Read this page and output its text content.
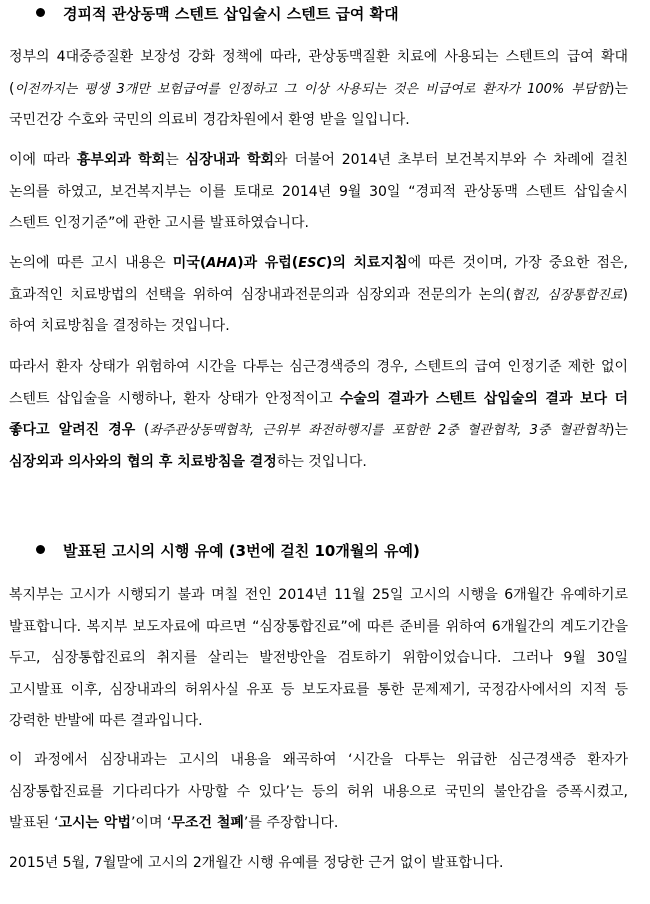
경피적 관상동맥 스텐트 삽입술시 스텐트 급여 확대
정부의 4대중증질환 보장성 강화 정책에 따라, 관상동맥질환 치료에 사용되는 스텐트의 급여 확대 (이전까지는 평생 3개만 보험급여를 인정하고 그 이상 사용되는 것은 비급여로 환자가 100% 부담함)는 국민건강 수호와 국민의 의료비 경감차원에서 환영 받을 일입니다.
이에 따라 흉부외과 학회는 심장내과 학회와 더불어 2014년 초부터 보건복지부와 수 차례에 걸친 논의를 하였고, 보건복지부는 이를 토대로 2014년 9월 30일 “경피적 관상동맥 스텐트 삽입술시 스텐트 인정기준”에 관한 고시를 발표하였습니다.
논의에 따른 고시 내용은 미국(AHA)과 유럽(ESC)의 치료지침에 따른 것이며, 가장 중요한 점은, 효과적인 치료방법의 선택을 위하여 심장내과전문의과 심장외과 전문의가 논의(협진, 심장통합진료)하여 치료방침을 결정하는 것입니다.
따라서 환자 상태가 위험하여 시간을 다투는 심근경색증의 경우, 스텐트의 급여 인정기준 제한 없이 스텐트 삽입술을 시행하나, 환자 상태가 안정적이고 수술의 결과가 스텐트 삽입술의 결과 보다 더 좋다고 알려진 경우 (좌주관상동맥협착, 근위부 좌전하행지를 포함한 2중 혈관협착, 3중 혈관협착)는 심장외과 의사와의 협의 후 치료방침을 결정하는 것입니다.
발표된 고시의 시행 유예 (3번에 걸친 10개월의 유예)
복지부는 고시가 시행되기 불과 며칠 전인 2014년 11월 25일 고시의 시행을 6개월간 유예하기로 발표합니다. 복지부 보도자료에 따르면 “심장통합진료”에 따른 준비를 위하여 6개월간의 계도기간을 두고, 심장통합진료의 취지를 살리는 발전방안을 검토하기 위함이었습니다. 그러나 9월 30일 고시발표 이후, 심장내과의 허위사실 유포 등 보도자료를 통한 문제제기, 국정감사에서의 지적 등 강력한 반발에 따른 결과입니다.
이 과정에서 심장내과는 고시의 내용을 왜곡하여 ‘시간을 다투는 위급한 심근경색증 환자가 심장통합진료를 기다리다가 사망할 수 있다’는 등의 허위 내용으로 국민의 불안감을 증폭시켰고, 발표된 ‘고시는 악법’이며 ‘무조건 철폐’를 주장합니다.
2015년 5월, 7월말에 고시의 2개월간 시행 유예를 정당한 근거 없이 발표합니다.
